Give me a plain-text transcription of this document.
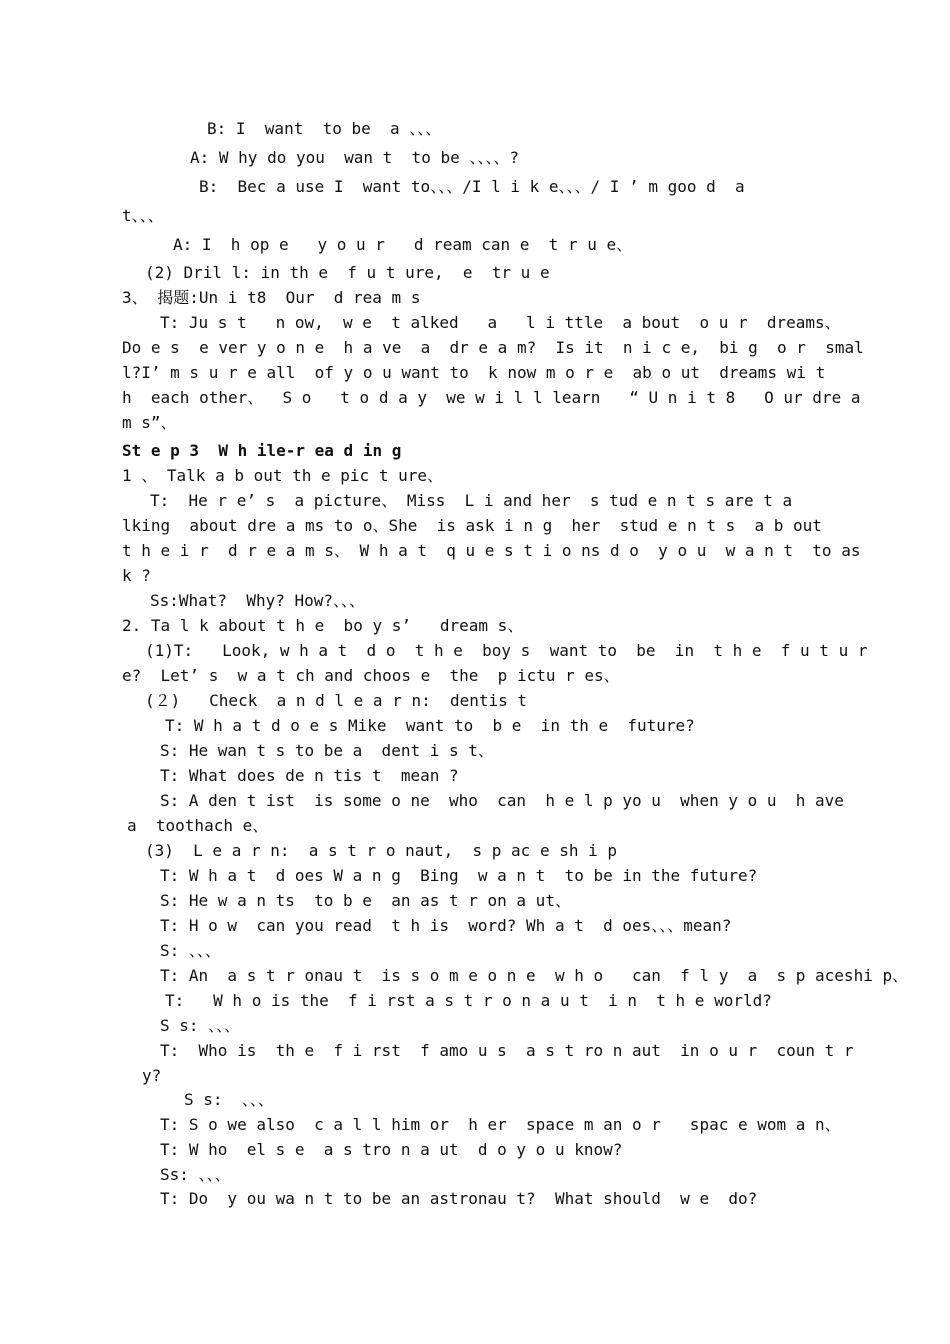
B: I  want  to be  a 、、、
A: W hy do you  wan t  to be 、、、、?
B:  Bec a use I  want to、、、/I l i k e、、、/ I ’ m goo d  a
t、、、
A: I  h op e   y o u r   d ream can e  t r u e、
(2) Dril l: in th e  f u t ure,  e  tr u e
3、 揭题:Un i t8  Our  d rea m s
T: Ju s t   n ow,  w e  t alked   a   l i ttle  a bout  o u r  dreams、
Do e s  e ver y o n e  h a ve  a  dr e a m?  Is it  n i c e,  bi g  o r  smal
l?I’ m s u r e all  of y o u want to  k now m o r e  ab o ut  dreams wi t
h  each other、  S o   t o d a y  we w i l l learn   “ U n i t 8   O ur dre a
m s”、
St e p 3  W h ile-r ea d in g
1 、 Talk a b out th e pic t ure、
T:  He r e’ s  a picture、 Miss  L i and her  s tud e n t s are t a
lking  about dre a ms to o、She  is ask i n g  her  stud e n t s  a b out
t h e i r  d r e a m s、 W h a t  q u e s t i o ns d o  y o u  w a n t  to as
k ?
Ss:What?  Why? How?、、、
2. Ta l k about t h e  bo y s’   dream s、
(1)T:   Look, w h a t  d o  t h e  boy s  want to  be  in  t h e  f u t u r
e?  Let’ s  w a t ch and choos e  the  p ictu r es、
(２)   Check  a n d l e a r n:  dentis t
T: W h a t d o e s Mike  want to  b e  in th e  future?
S: He wan t s to be a  dent i s t、
T: What does de n tis t  mean ?
S: A den t ist  is some o ne  who  can  h e l p yo u  when y o u  h ave
a  toothach e、
(3)  L e a r n:  a s t r o naut,  s p ac e sh i p
T: W h a t  d oes W a n g  Bing  w a n t  to be in the future?
S: He w a n ts  to b e  an as t r on a ut、
T: H o w  can you read  t h is  word? Wh a t  d oes、、、mean?
S: 、、、
T: An  a s t r onau t  is s o m e o n e  w h o   can  f l y  a  s p aceshi p、
T:   W h o is the  f i rst a s t r o n a u t  i n  t h e world?
S s: 、、、
T:  Who is  th e  f i rst  f amo u s  a s t ro n aut  in o u r  coun t r
y?
S s:  、、、
T: S o we also  c a l l him or  h er  space m an o r   spac e wom a n、
T: W ho  el s e  a s tro n a ut  d o y o u know?
Ss: 、、、
T: Do  y ou wa n t to be an astronau t?  What should  w e  do?
